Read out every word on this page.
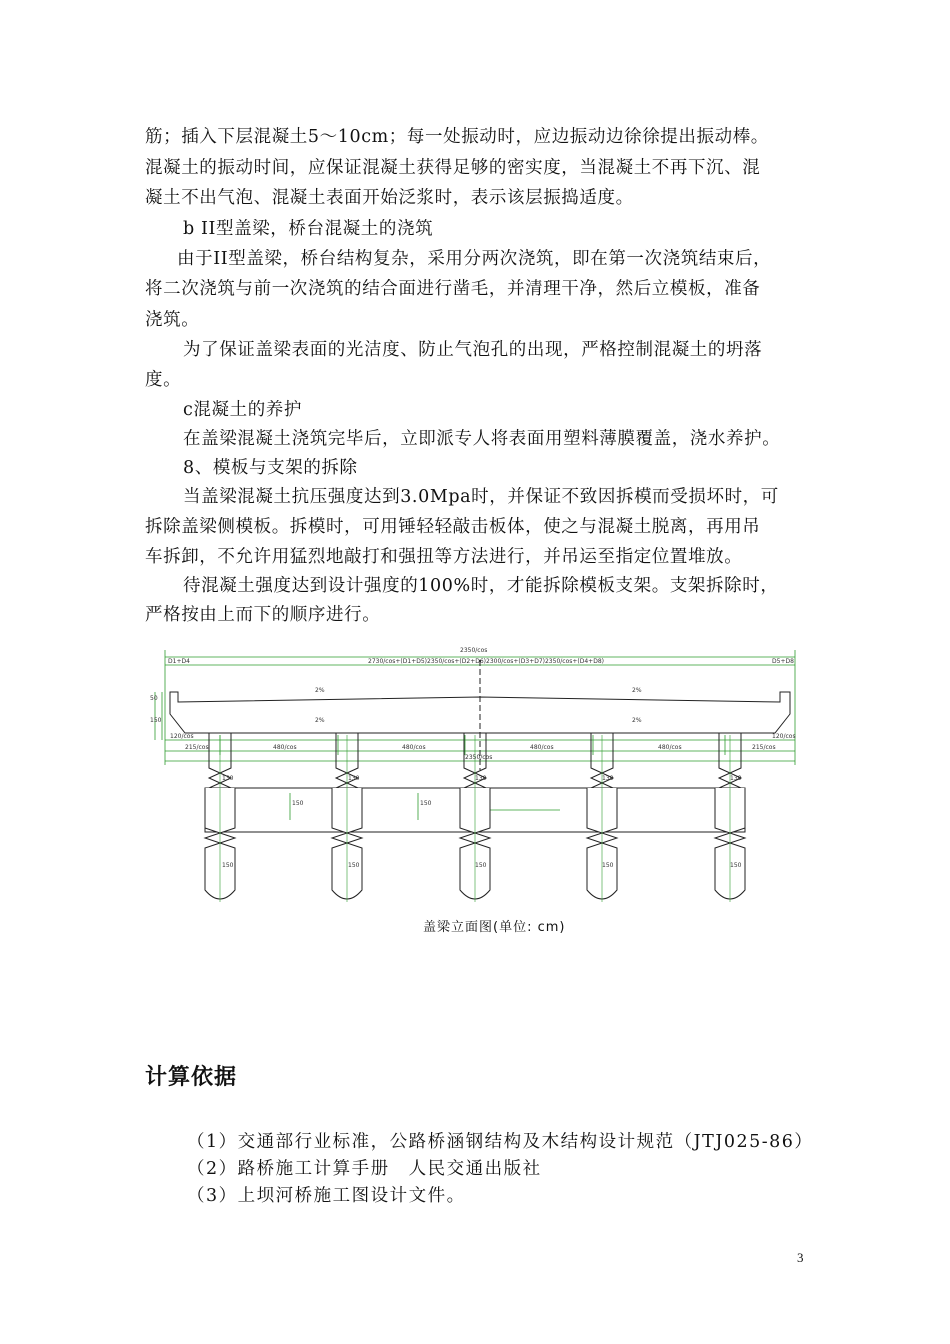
筋；插入下层混凝土5～10cm；每一处振动时，应边振动边徐徐提出振动棒。
混凝土的振动时间，应保证混凝土获得足够的密实度，当混凝土不再下沉、混
凝土不出气泡、混凝土表面开始泛浆时，表示该层振捣适度。
b II型盖梁，桥台混凝土的浇筑
由于II型盖梁，桥台结构复杂，采用分两次浇筑，即在第一次浇筑结束后，
将二次浇筑与前一次浇筑的结合面进行凿毛，并清理干净，然后立模板，准备
浇筑。
为了保证盖梁表面的光洁度、防止气泡孔的出现，严格控制混凝土的坍落
度。
c混凝土的养护
在盖梁混凝土浇筑完毕后，立即派专人将表面用塑料薄膜覆盖，浇水养护。
8、模板与支架的拆除
当盖梁混凝土抗压强度达到3.0Mpa时，并保证不致因拆模而受损坏时，可
拆除盖梁侧模板。拆模时，可用锤轻轻敲击板体，使之与混凝土脱离，再用吊
车拆卸，不允许用猛烈地敲打和强扭等方法进行，并吊运至指定位置堆放。
待混凝土强度达到设计强度的100%时，才能拆除模板支架。支架拆除时，
严格按由上而下的顺序进行。
2350/cos
2730/cos+(D1+D5)2350/cos+(D2+D6)2300/cos+(D3+D7)2350/cos+(D4+D8)
D1+D4	D5+D8
120/cos	120/cos
215/cos	215/cos
480/cos	480/cos	480/cos	480/cos
2350/cos
2%	2%
2%	2%
50
150
150	150
130	130	130	130	130
150	150	150	150	150
盖梁立面图(单位: cm)
计算依据
（1）交通部行业标准，公路桥涵钢结构及木结构设计规范（JTJ025-86）
（2）路桥施工计算手册　人民交通出版社
（3）上坝河桥施工图设计文件。
3
